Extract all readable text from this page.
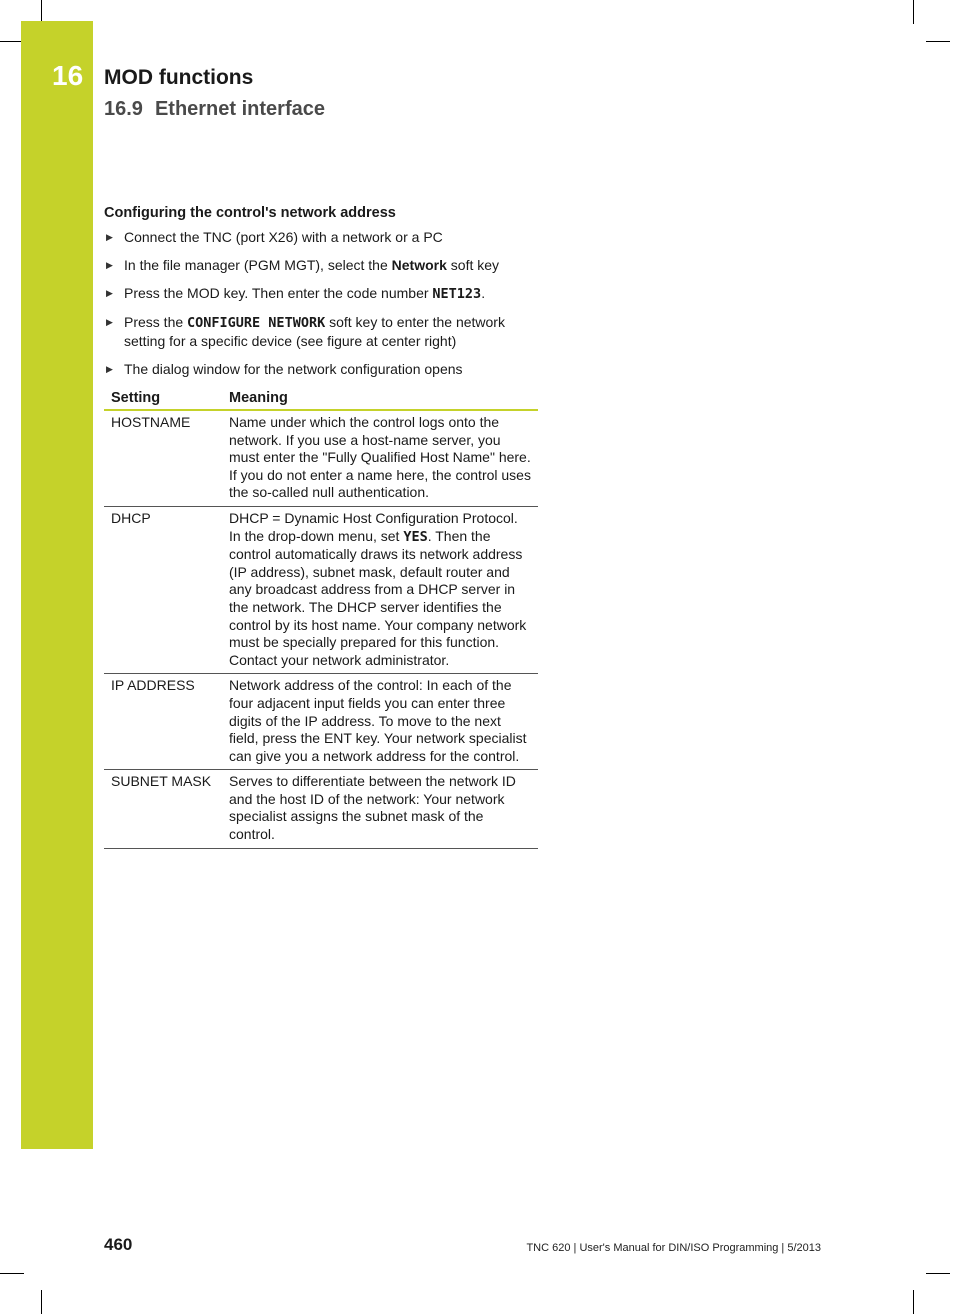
16 MOD functions
16.9 Ethernet interface
Configuring the control's network address
▶ Connect the TNC (port X26) with a network or a PC
▶ In the file manager (PGM MGT), select the Network soft key
▶ Press the MOD key. Then enter the code number NET123.
▶ Press the CONFIGURE NETWORK soft key to enter the network setting for a specific device (see figure at center right)
▶ The dialog window for the network configuration opens
Setting	Meaning
HOSTNAME	Name under which the control logs onto the network. If you use a host-name server, you must enter the "Fully Qualified Host Name" here. If you do not enter a name here, the control uses the so-called null authentication.
DHCP	DHCP = Dynamic Host Configuration Protocol. In the drop-down menu, set YES. Then the control automatically draws its network address (IP address), subnet mask, default router and any broadcast address from a DHCP server in the network. The DHCP server identifies the control by its host name. Your company network must be specially prepared for this function. Contact your network administrator.
IP ADDRESS	Network address of the control: In each of the four adjacent input fields you can enter three digits of the IP address. To move to the next field, press the ENT key. Your network specialist can give you a network address for the control.
SUBNET MASK	Serves to differentiate between the network ID and the host ID of the network: Your network specialist assigns the subnet mask of the control.
460	TNC 620 | User's Manual for DIN/ISO Programming | 5/2013
